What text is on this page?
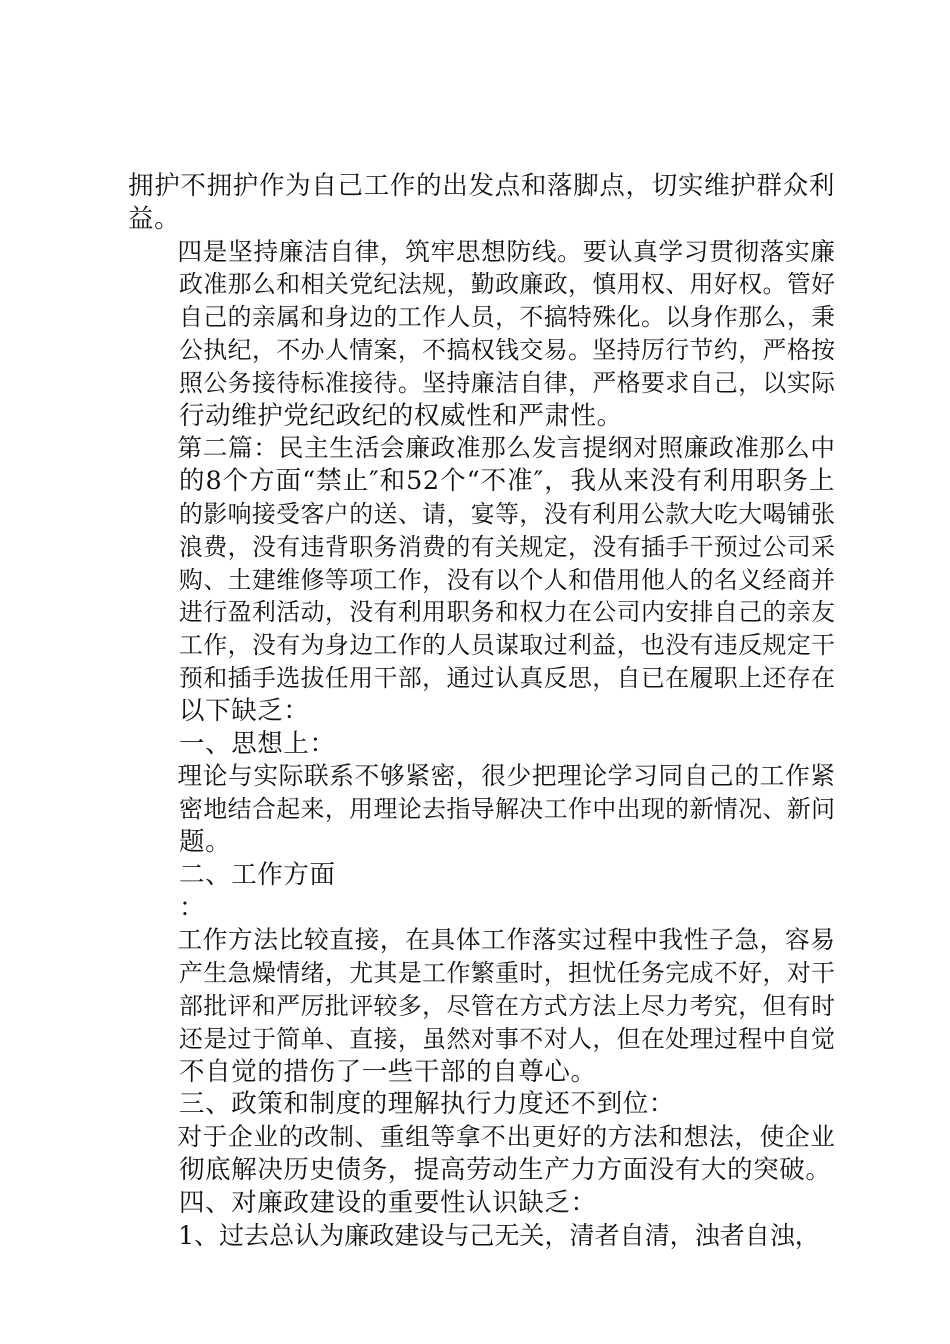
拥护不拥护作为自己工作的出发点和落脚点，切实维护群众利
益。

四是坚持廉洁自律，筑牢思想防线。要认真学习贯彻落实廉
政准那么和相关党纪法规，勤政廉政，慎用权、用好权。管好
自己的亲属和身边的工作人员，不搞特殊化。以身作那么，秉
公执纪，不办人情案，不搞权钱交易。坚持厉行节约，严格按
照公务接待标准接待。坚持廉洁自律，严格要求自己，以实际
行动维护党纪政纪的权威性和严肃性。

第二篇：民主生活会廉政准那么发言提纲对照廉政准那么中
的8个方面“禁止″和52个“不准″，我从来没有利用职务上
的影响接受客户的送、请，宴等，没有利用公款大吃大喝铺张
浪费，没有违背职务消费的有关规定，没有插手干预过公司采
购、土建维修等项工作，没有以个人和借用他人的名义经商并
进行盈利活动，没有利用职务和权力在公司内安排自己的亲友
工作，没有为身边工作的人员谋取过利益，也没有违反规定干
预和插手选拔任用干部，通过认真反思，自已在履职上还存在
以下缺乏：

一、思想上：

理论与实际联系不够紧密，很少把理论学习同自己的工作紧
密地结合起来，用理论去指导解决工作中出现的新情况、新问
题。

二、工作方面

：

工作方法比较直接，在具体工作落实过程中我性子急，容易
产生急燥情绪，尤其是工作繁重时，担忧任务完成不好，对干
部批评和严厉批评较多，尽管在方式方法上尽力考究，但有时
还是过于简单、直接，虽然对事不对人，但在处理过程中自觉
不自觉的措伤了一些干部的自尊心。

三、政策和制度的理解执行力度还不到位：

对于企业的改制、重组等拿不出更好的方法和想法，使企业
彻底解决历史债务，提高劳动生产力方面没有大的突破。

四、对廉政建设的重要性认识缺乏：

1、过去总认为廉政建设与己无关，清者自清，浊者自浊，
